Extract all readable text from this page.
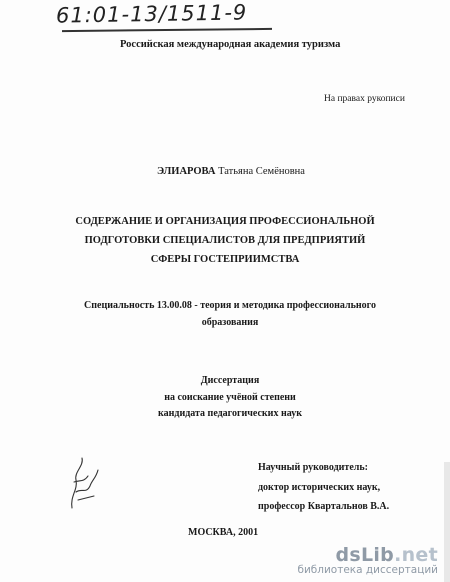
61:01-13/1511-9
Российская международная академия туризма
На правах рукописи
ЭЛИАРОВА Татьяна Семёновна
СОДЕРЖАНИЕ И ОРГАНИЗАЦИЯ ПРОФЕССИОНАЛЬНОЙ
ПОДГОТОВКИ СПЕЦИАЛИСТОВ ДЛЯ ПРЕДПРИЯТИЙ
СФЕРЫ ГОСТЕПРИИМСТВА
Специальность 13.00.08 - теория и методика профессионального
образования
Диссертация
на соискание учёной степени
кандидата педагогических наук
Научный руководитель:
доктор исторических наук,
профессор Квартальнов В.А.
МОСКВА, 2001
dsLib.net
библиотека диссертаций
